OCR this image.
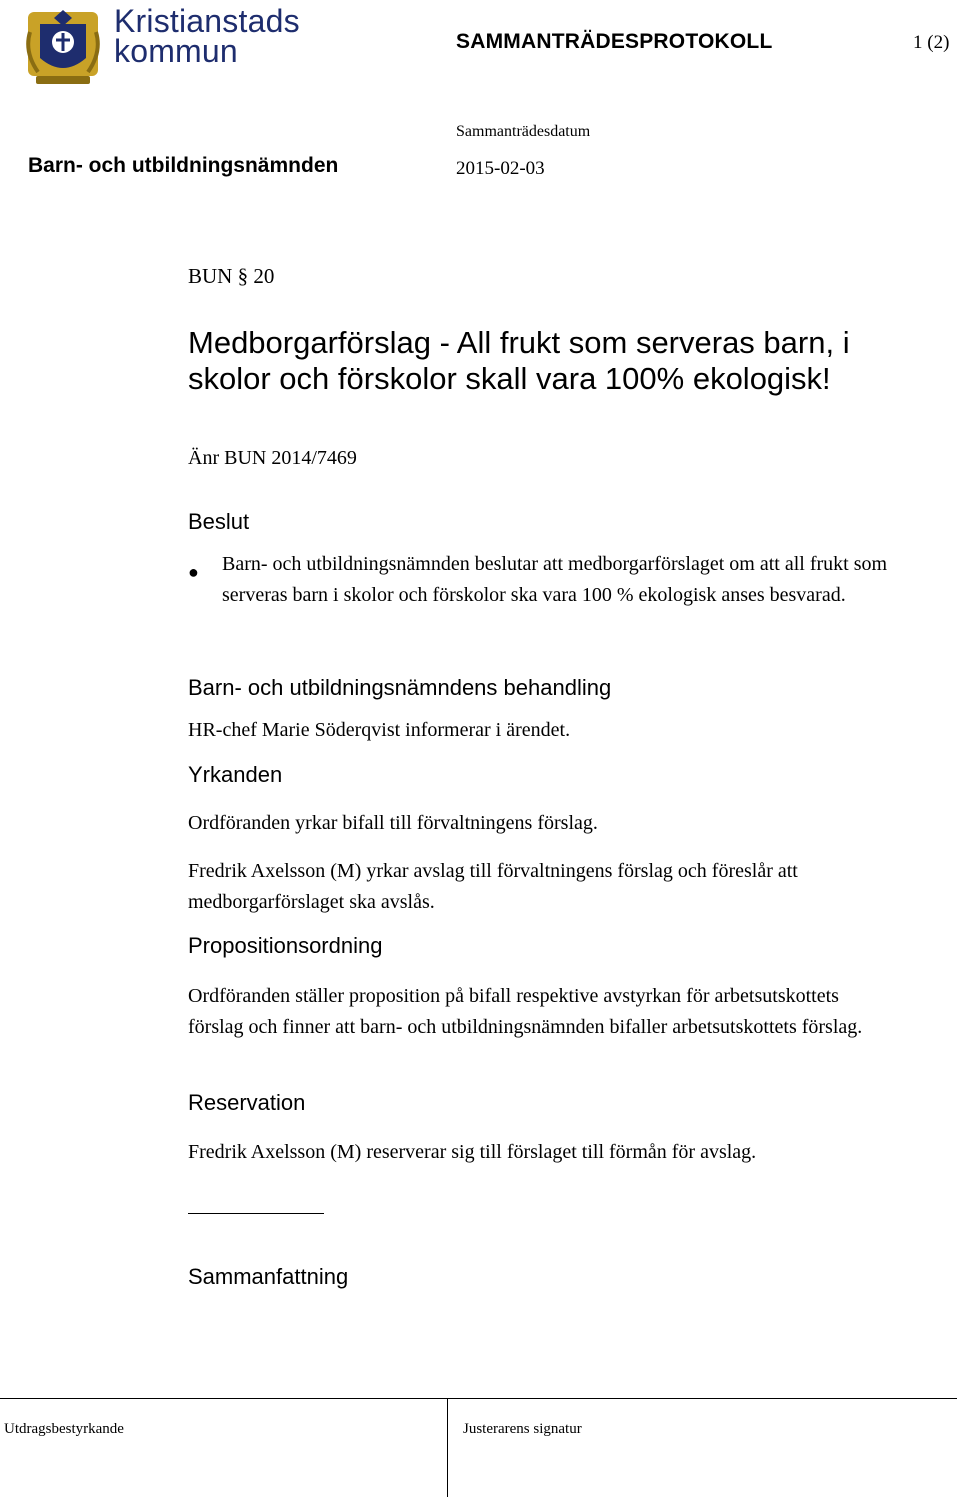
Kristianstads
kommun	SAMMANTRÄDESPROTOKOLL	1 (2)
Sammanträdesdatum
Barn- och utbildningsnämnden	2015-02-03
BUN § 20
Medborgarförslag - All frukt som serveras barn, i skolor och förskolor skall vara 100% ekologisk!
Änr BUN 2014/7469
Beslut
● Barn- och utbildningsnämnden beslutar att medborgarförslaget om att all frukt som serveras barn i skolor och förskolor ska vara 100 % ekologisk anses besvarad.
Barn- och utbildningsnämndens behandling
HR-chef Marie Söderqvist informerar i ärendet.
Yrkanden
Ordföranden yrkar bifall till förvaltningens förslag.
Fredrik Axelsson (M) yrkar avslag till förvaltningens förslag och föreslår att medborgarförslaget ska avslås.
Propositionsordning
Ordföranden ställer proposition på bifall respektive avstyrkan för arbetsutskottets förslag och finner att barn- och utbildningsnämnden bifaller arbetsutskottets förslag.
Reservation
Fredrik Axelsson (M) reserverar sig till förslaget till förmån för avslag.
Sammanfattning
Utdragsbestyrkande	Justerarens signatur
